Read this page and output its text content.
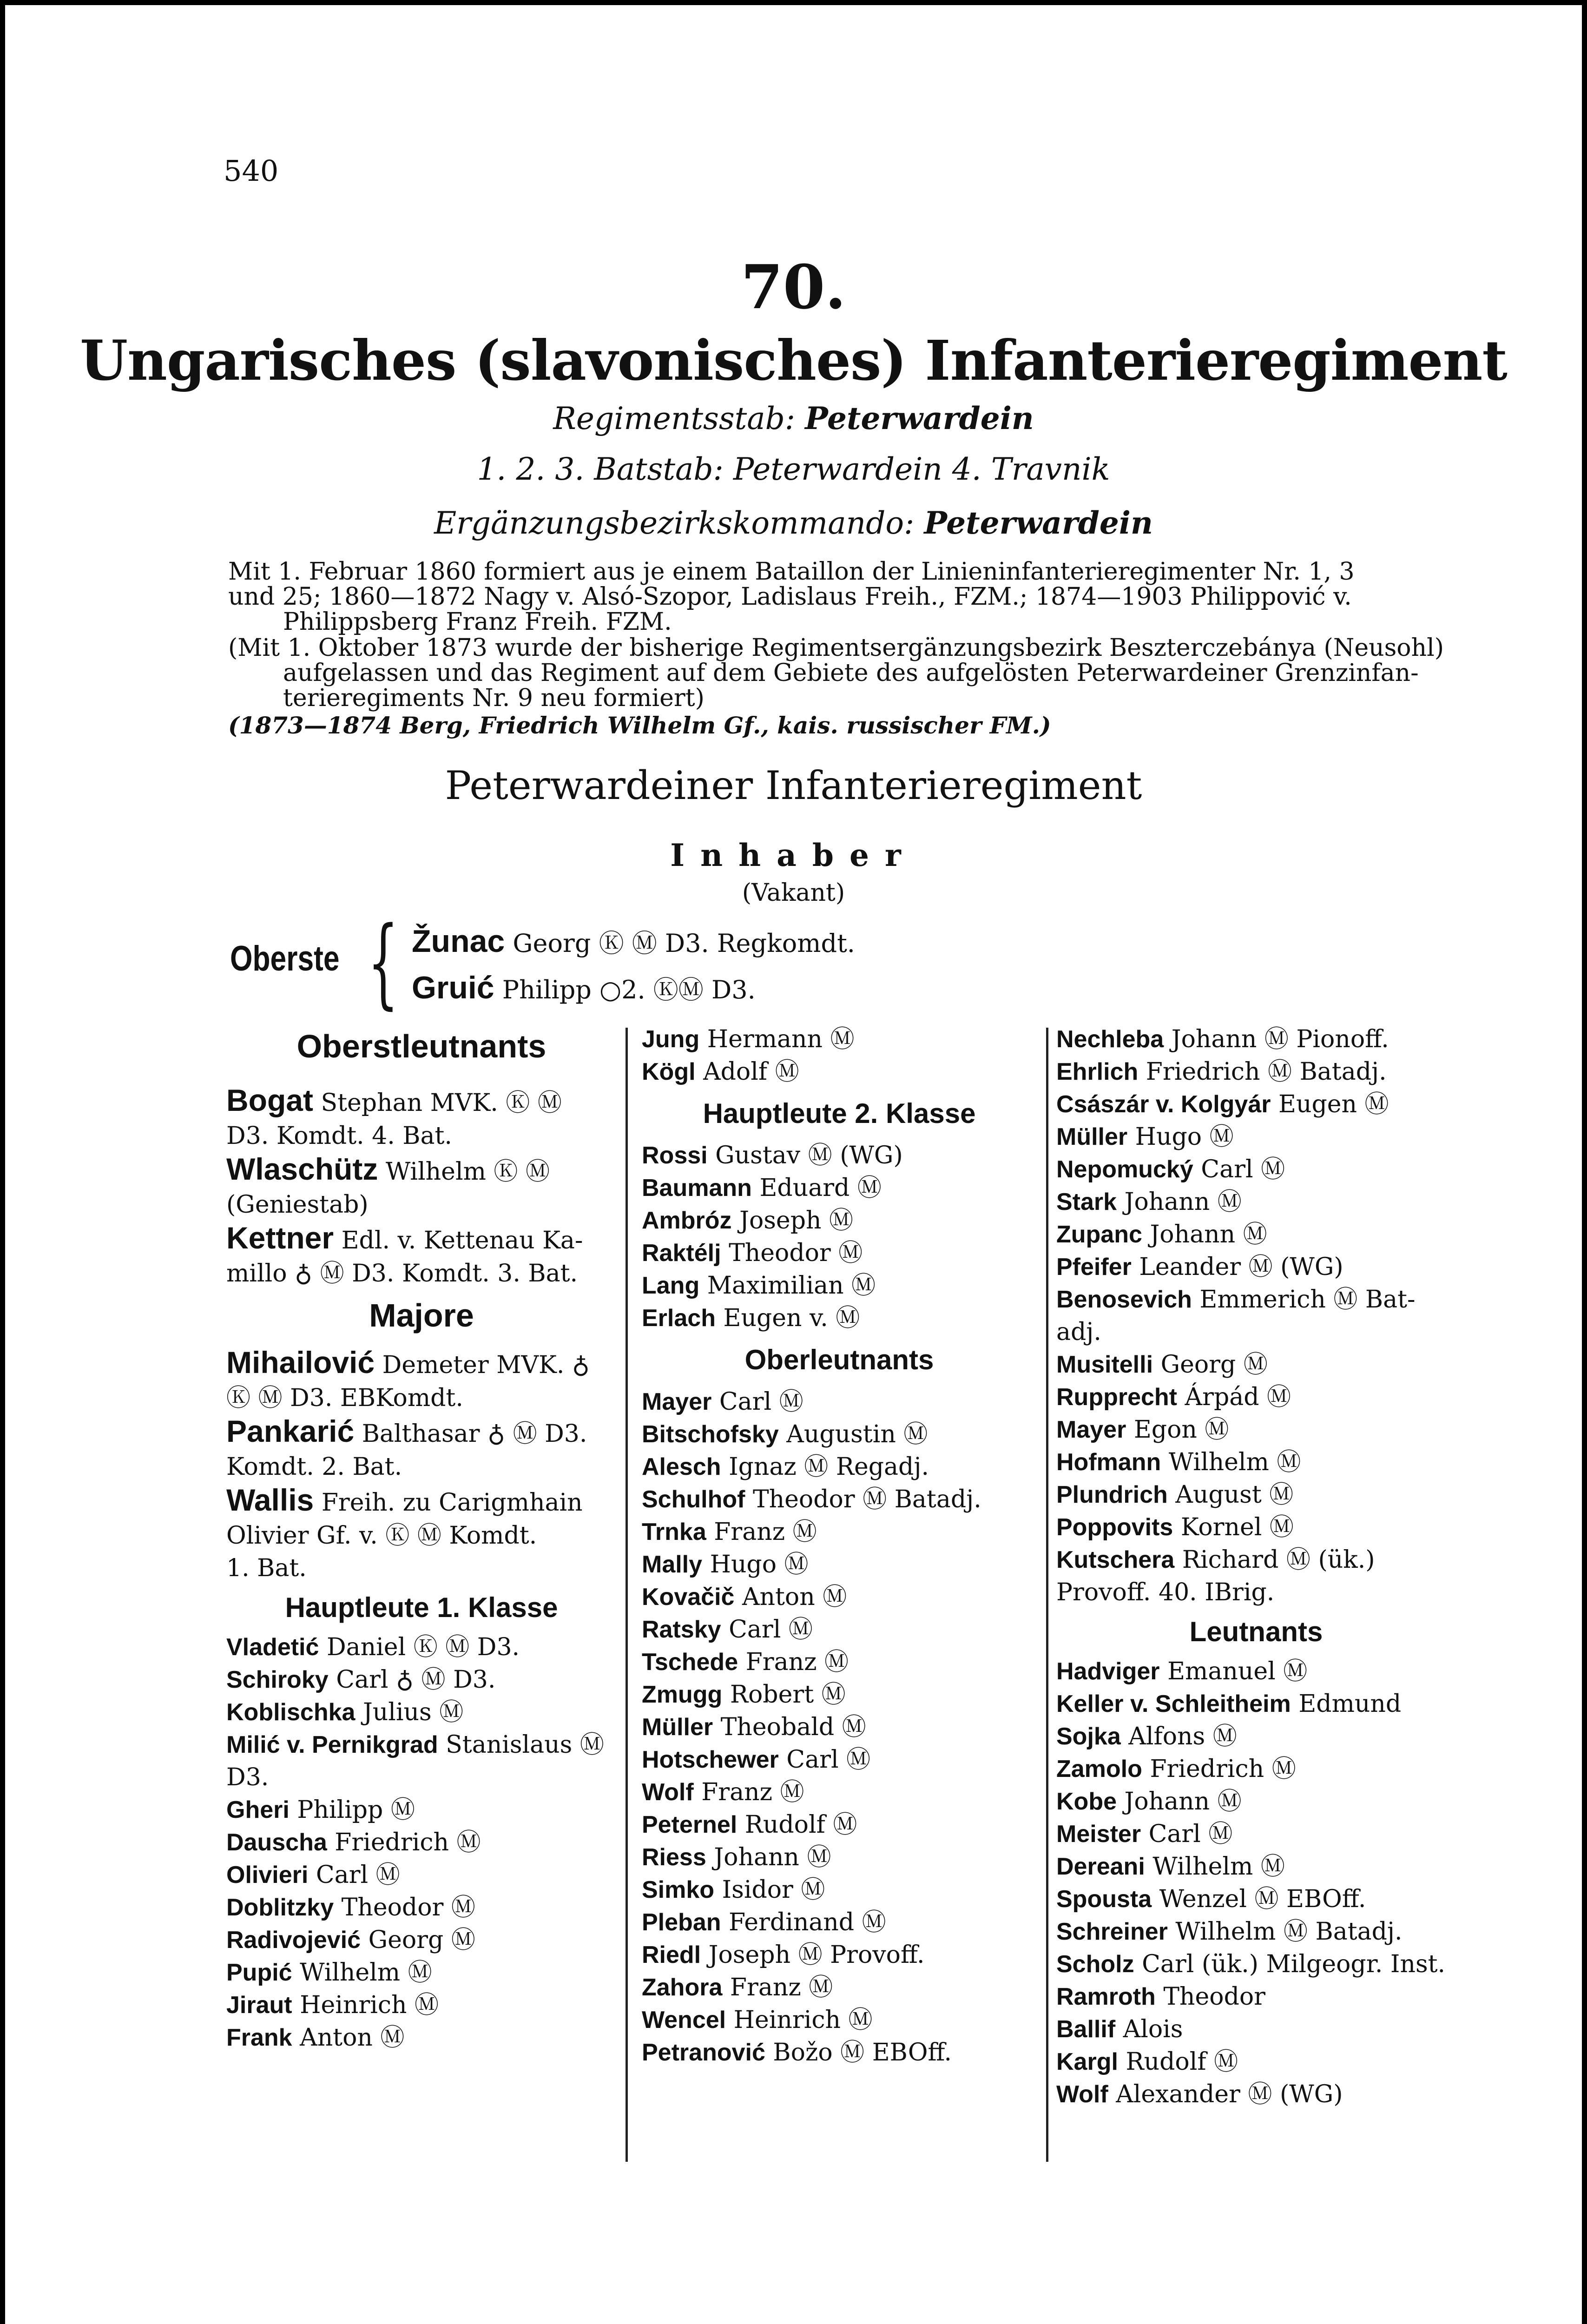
540
70.
Ungarisches (slavonisches) Infanterieregiment
Regimentsstab: Peterwardein
1. 2. 3. Batstab: Peterwardein 4. Travnik
Ergänzungsbezirkskommando: Peterwardein
Mit 1. Februar 1860 formiert aus je einem Bataillon der Linieninfanterieregimenter Nr. 1, 3
und 25; 1860—1872 Nagy v. Alsó-Szopor, Ladislaus Freih., FZM.; 1874—1903 Philippović v.
Philippsberg Franz Freih. FZM.
(Mit 1. Oktober 1873 wurde der bisherige Regimentsergänzungsbezirk Beszterczebánya (Neusohl)
aufgelassen und das Regiment auf dem Gebiete des aufgelösten Peterwardeiner Grenzinfan-
terieregiments Nr. 9 neu formiert)
(1873—1874 Berg, Friedrich Wilhelm Gf., kais. russischer FM.)
Peterwardeiner Infanterieregiment
Inhaber
(Vakant)
Oberste { Žunac Georg Ⓚ Ⓜ D3. Regkomdt.
Gruić Philipp ○2. ⓀⓂ D3.
Oberstleutnants
Bogat Stephan MVK. Ⓚ Ⓜ
D3. Komdt. 4. Bat.
Wlaschütz Wilhelm Ⓚ Ⓜ
(Geniestab)
Kettner Edl. v. Kettenau Ka-
millo ♁ Ⓜ D3. Komdt. 3. Bat.
Majore
Mihailović Demeter MVK. ♁
Ⓚ Ⓜ D3. EBKomdt.
Pankarić Balthasar ♁ Ⓜ D3.
Komdt. 2. Bat.
Wallis Freih. zu Carigmhain
Olivier Gf. v. Ⓚ Ⓜ Komdt.
1. Bat.
Hauptleute 1. Klasse
Vladetić Daniel Ⓚ Ⓜ D3.
Schiroky Carl ♁ Ⓜ D3.
Koblischka Julius Ⓜ
Milić v. Pernikgrad Stanislaus Ⓜ
D3.
Gheri Philipp Ⓜ
Dauscha Friedrich Ⓜ
Olivieri Carl Ⓜ
Doblitzky Theodor Ⓜ
Radivojević Georg Ⓜ
Pupić Wilhelm Ⓜ
Jiraut Heinrich Ⓜ
Frank Anton Ⓜ
Jung Hermann Ⓜ
Kögl Adolf Ⓜ
Hauptleute 2. Klasse
Rossi Gustav Ⓜ (WG)
Baumann Eduard Ⓜ
Ambróz Joseph Ⓜ
Raktélj Theodor Ⓜ
Lang Maximilian Ⓜ
Erlach Eugen v. Ⓜ
Oberleutnants
Mayer Carl Ⓜ
Bitschofsky Augustin Ⓜ
Alesch Ignaz Ⓜ Regadj.
Schulhof Theodor Ⓜ Batadj.
Trnka Franz Ⓜ
Mally Hugo Ⓜ
Kovačič Anton Ⓜ
Ratsky Carl Ⓜ
Tschede Franz Ⓜ
Zmugg Robert Ⓜ
Müller Theobald Ⓜ
Hotschewer Carl Ⓜ
Wolf Franz Ⓜ
Peternel Rudolf Ⓜ
Riess Johann Ⓜ
Simko Isidor Ⓜ
Pleban Ferdinand Ⓜ
Riedl Joseph Ⓜ Provoff.
Zahora Franz Ⓜ
Wencel Heinrich Ⓜ
Petranović Božo Ⓜ EBOff.
Nechleba Johann Ⓜ Pionoff.
Ehrlich Friedrich Ⓜ Batadj.
Császár v. Kolgyár Eugen Ⓜ
Müller Hugo Ⓜ
Nepomucký Carl Ⓜ
Stark Johann Ⓜ
Zupanc Johann Ⓜ
Pfeifer Leander Ⓜ (WG)
Benosevich Emmerich Ⓜ Bat-
adj.
Musitelli Georg Ⓜ
Rupprecht Árpád Ⓜ
Mayer Egon Ⓜ
Hofmann Wilhelm Ⓜ
Plundrich August Ⓜ
Poppovits Kornel Ⓜ
Kutschera Richard Ⓜ (ük.)
Provoff. 40. IBrig.
Leutnants
Hadviger Emanuel Ⓜ
Keller v. Schleitheim Edmund
Sojka Alfons Ⓜ
Zamolo Friedrich Ⓜ
Kobe Johann Ⓜ
Meister Carl Ⓜ
Dereani Wilhelm Ⓜ
Spousta Wenzel Ⓜ EBOff.
Schreiner Wilhelm Ⓜ Batadj.
Scholz Carl (ük.) Milgeogr. Inst.
Ramroth Theodor
Ballif Alois
Kargl Rudolf Ⓜ
Wolf Alexander Ⓜ (WG)
